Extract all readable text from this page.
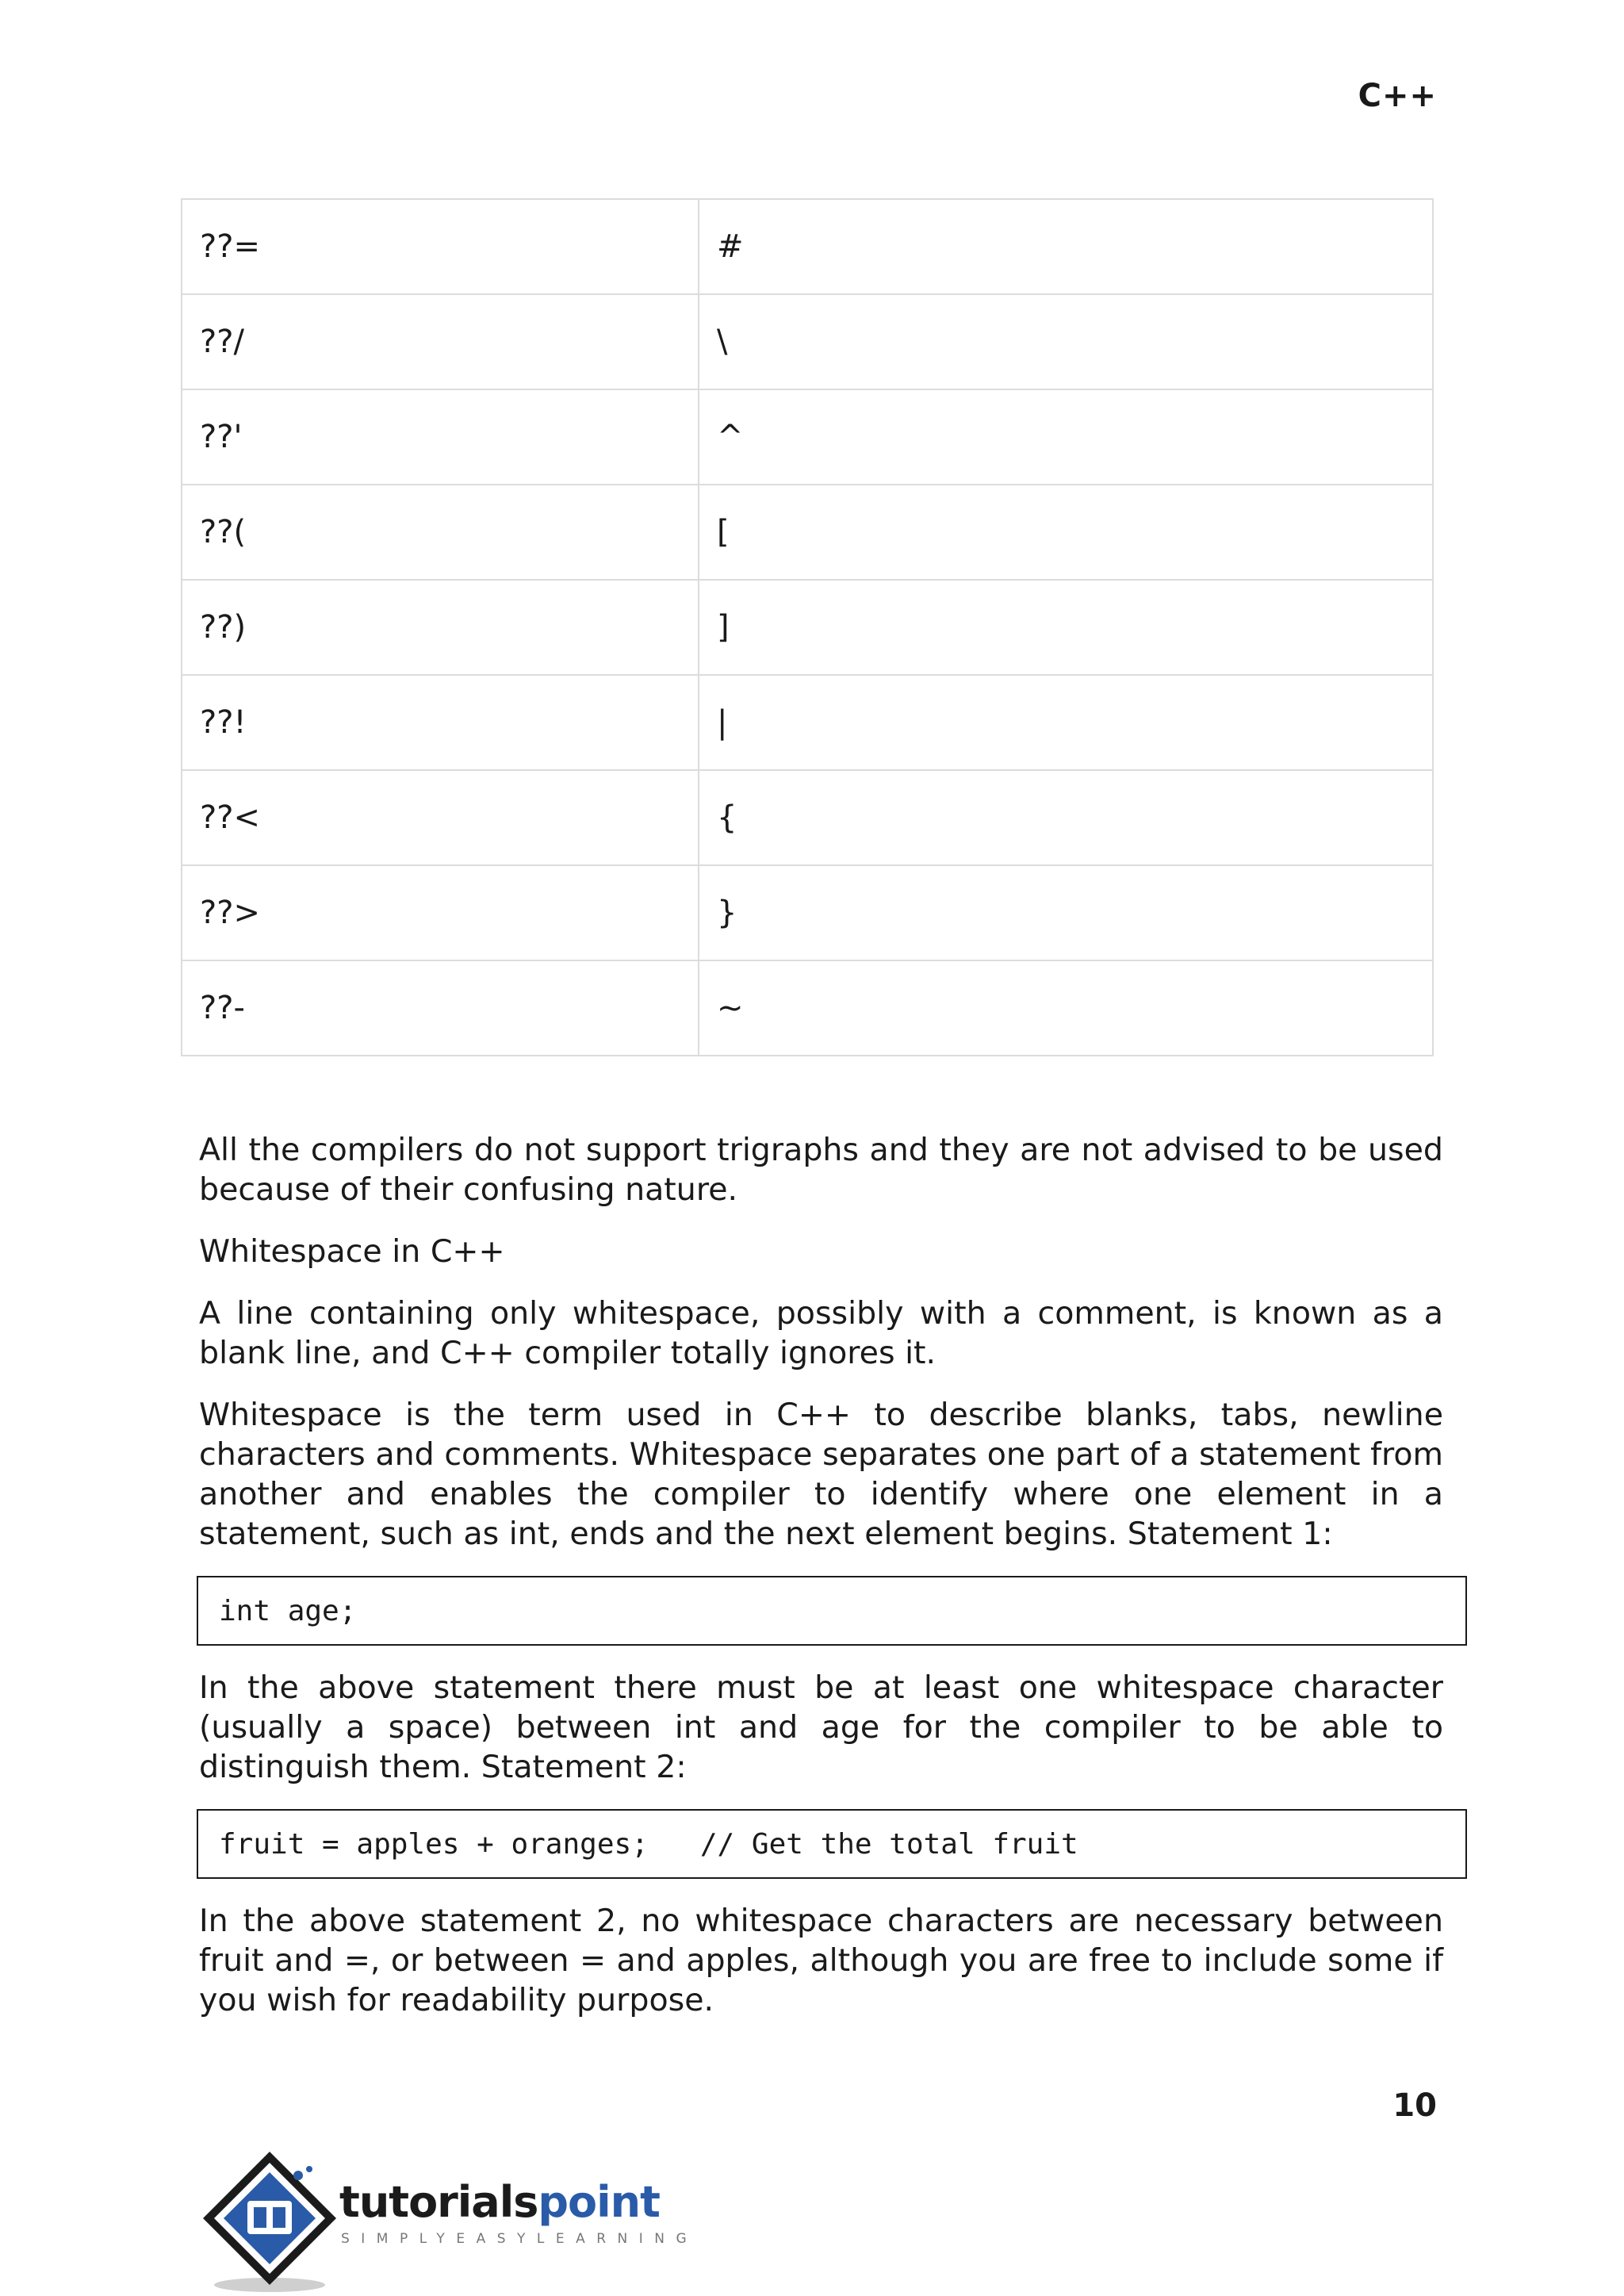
C++
??=	#
??/	\
??'	^
??(	[
??)	]
??!	|
??<	{
??>	}
??-	~

All the compilers do not support trigraphs and they are not advised to be used because of their confusing nature.

Whitespace in C++

A line containing only whitespace, possibly with a comment, is known as a blank line, and C++ compiler totally ignores it.

Whitespace is the term used in C++ to describe blanks, tabs, newline characters and comments. Whitespace separates one part of a statement from another and enables the compiler to identify where one element in a statement, such as int, ends and the next element begins. Statement 1:

int age;

In the above statement there must be at least one whitespace character (usually a space) between int and age for the compiler to be able to distinguish them. Statement 2:

fruit = apples + oranges;   // Get the total fruit

In the above statement 2, no whitespace characters are necessary between fruit and =, or between = and apples, although you are free to include some if you wish for readability purpose.

10
tutorialspoint
SIMPLYEASYLEARNING
